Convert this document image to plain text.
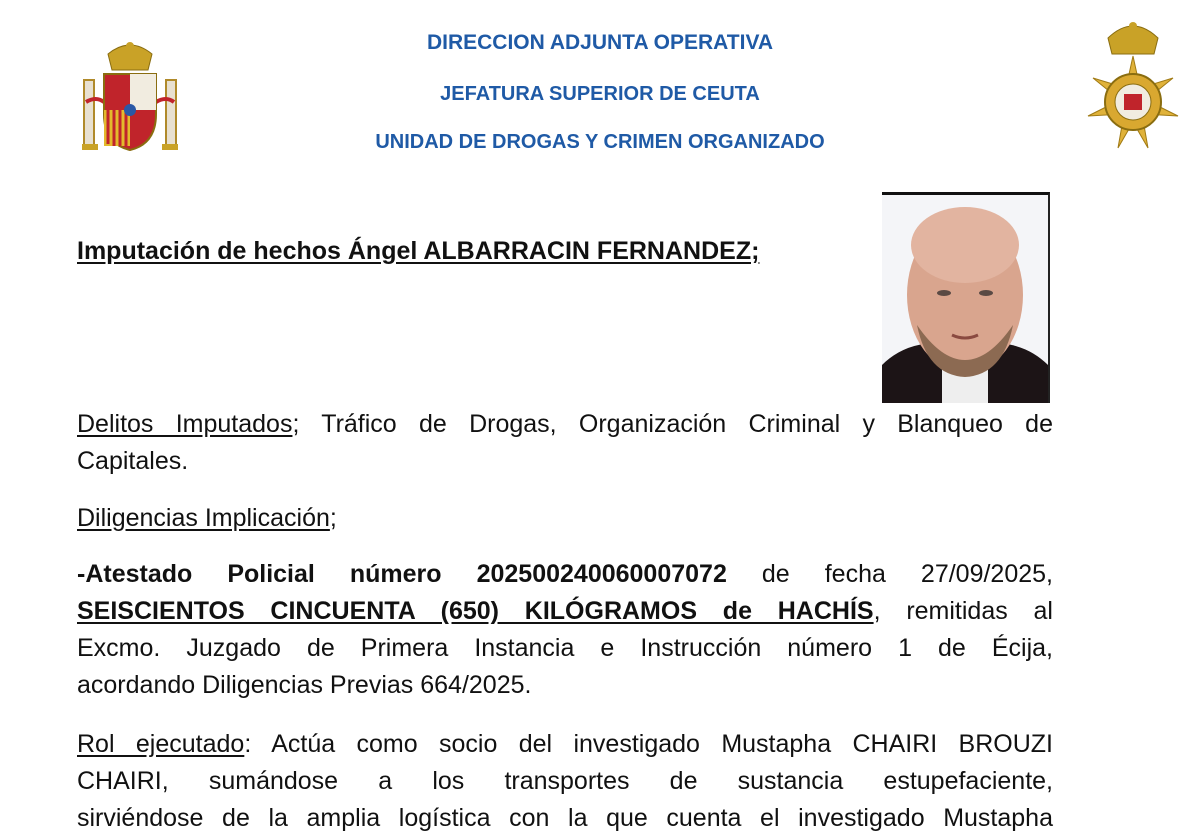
DIRECCION ADJUNTA OPERATIVA
JEFATURA SUPERIOR DE CEUTA
UNIDAD DE DROGAS Y CRIMEN ORGANIZADO
Imputación de hechos Ángel ALBARRACIN FERNANDEZ;
Delitos Imputados; Tráfico de Drogas, Organización Criminal y Blanqueo de
Capitales.
Diligencias Implicación;
-Atestado Policial número 20250024006000707​2 de fecha 27/09/2025,
SEISCIENTOS CINCUENTA (650) KILÓGRAMOS de HACHÍS, remitidas al
Excmo. Juzgado de Primera Instancia e Instrucción número 1 de Écija,
acordando Diligencias Previas 664/2025.
Rol ejecutado: Actúa como socio del investigado Mustapha CHAIRI BROUZI
CHAIRI, sumándose a los transportes de sustancia estupefaciente,
sirviéndose de la amplia logística con la que cuenta el investigado Mustapha
